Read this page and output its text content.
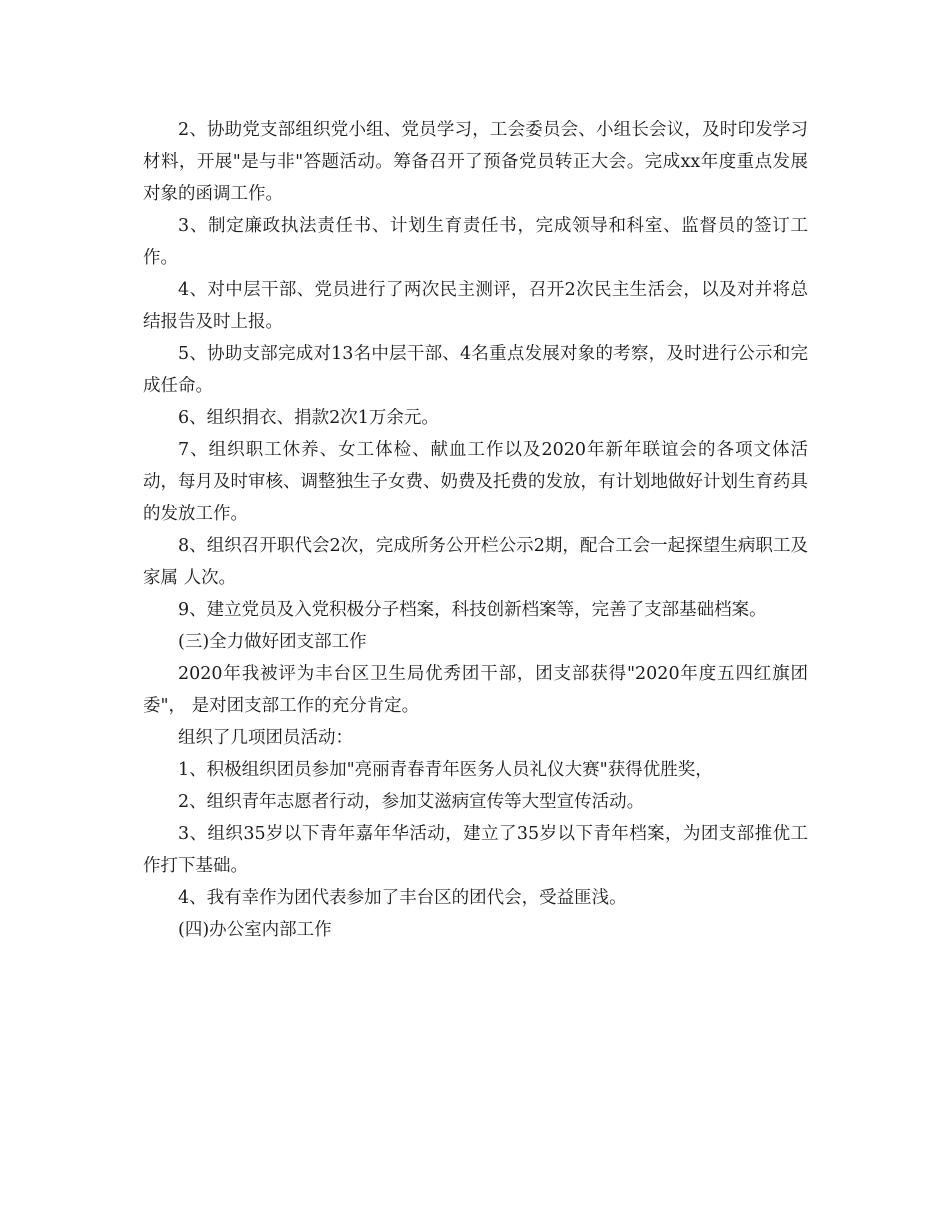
2、协助党支部组织党小组、党员学习，工会委员会、小组长会议，及时印发学习材料，开展"是与非"答题活动。筹备召开了预备党员转正大会。完成xx年度重点发展对象的函调工作。

3、制定廉政执法责任书、计划生育责任书，完成领导和科室、监督员的签订工作。

4、对中层干部、党员进行了两次民主测评，召开2次民主生活会，以及对并将总结报告及时上报。

5、协助支部完成对13名中层干部、4名重点发展对象的考察，及时进行公示和完成任命。

6、组织捐衣、捐款2次1万余元。

7、组织职工休养、女工体检、献血工作以及2020年新年联谊会的各项文体活动，每月及时审核、调整独生子女费、奶费及托费的发放，有计划地做好计划生育药具的发放工作。

8、组织召开职代会2次，完成所务公开栏公示2期，配合工会一起探望生病职工及家属 人次。

9、建立党员及入党积极分子档案，科技创新档案等，完善了支部基础档案。

(三)全力做好团支部工作

2020年我被评为丰台区卫生局优秀团干部，团支部获得"2020年度五四红旗团委"， 是对团支部工作的充分肯定。

组织了几项团员活动：

1、积极组织团员参加"亮丽青春青年医务人员礼仪大赛"获得优胜奖，

2、组织青年志愿者行动，参加艾滋病宣传等大型宣传活动。

3、组织35岁以下青年嘉年华活动，建立了35岁以下青年档案，为团支部推优工作打下基础。

4、我有幸作为团代表参加了丰台区的团代会，受益匪浅。

(四)办公室内部工作
